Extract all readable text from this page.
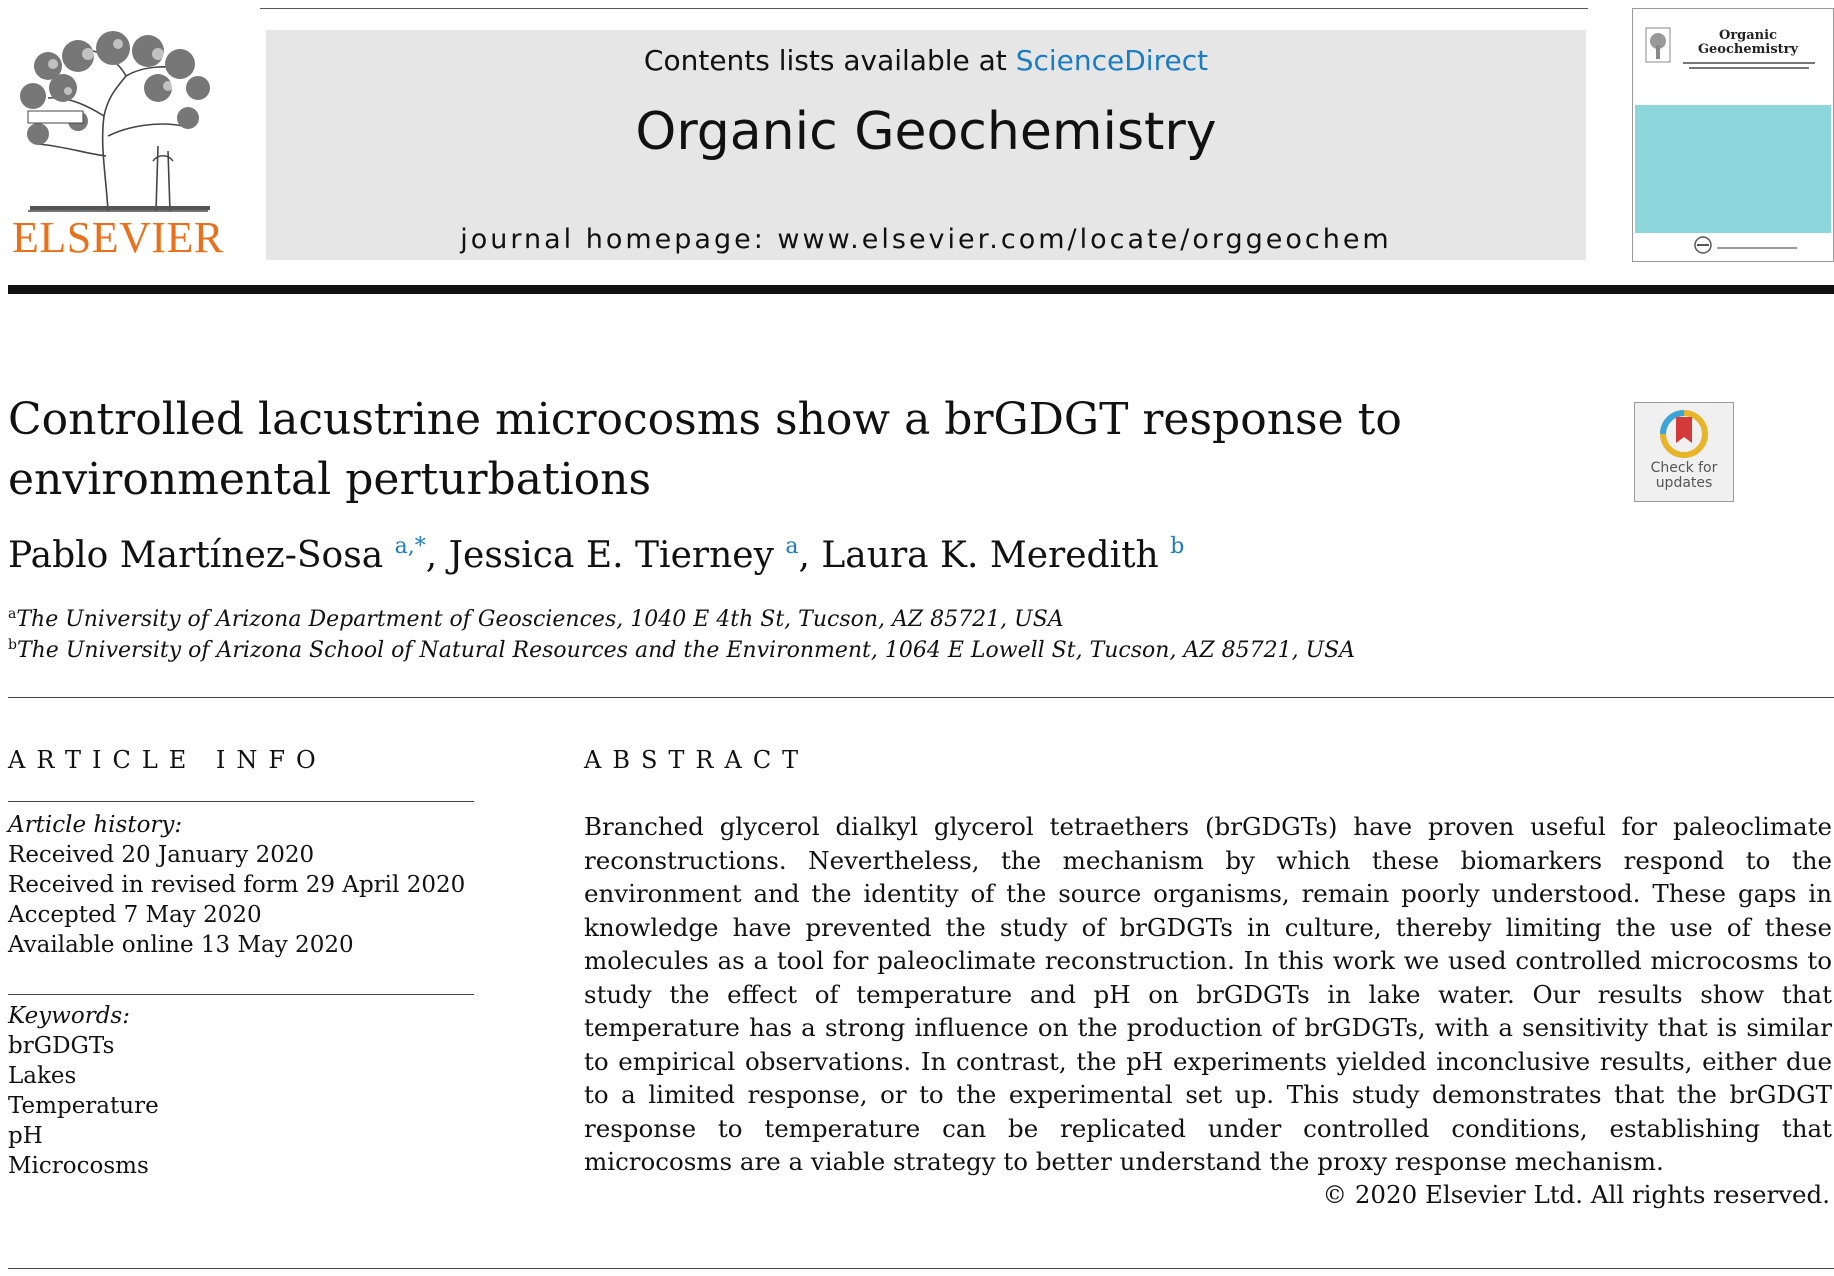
ELSEVIER
Contents lists available at ScienceDirect
Organic Geochemistry
journal homepage: www.elsevier.com/locate/orggeochem
Organic Geochemistry
Controlled lacustrine microcosms show a brGDGT response to environmental perturbations	Check for updates
Pablo Martínez-Sosa $^{a,*}$, Jessica E. Tierney $^a$, Laura K. Meredith $^b$
$^a$The University of Arizona Department of Geosciences, 1040 E 4th St, Tucson, AZ 85721, USA
$^b$The University of Arizona School of Natural Resources and the Environment, 1064 E Lowell St, Tucson, AZ 85721, USA
ARTICLE INFO
Article history:
Received 20 January 2020
Received in revised form 29 April 2020
Accepted 7 May 2020
Available online 13 May 2020
Keywords:
brGDGTs
Lakes
Temperature
pH
Microcosms
ABSTRACT
Branched glycerol dialkyl glycerol tetraethers (brGDGTs) have proven useful for paleoclimate reconstructions. Nevertheless, the mechanism by which these biomarkers respond to the environment and the identity of the source organisms, remain poorly understood. These gaps in knowledge have prevented the study of brGDGTs in culture, thereby limiting the use of these molecules as a tool for paleoclimate reconstruction. In this work we used controlled microcosms to study the effect of temperature and pH on brGDGTs in lake water. Our results show that temperature has a strong influence on the production of brGDGTs, with a sensitivity that is similar to empirical observations. In contrast, the pH experiments yielded inconclusive results, either due to a limited response, or to the experimental set up. This study demonstrates that the brGDGT response to temperature can be replicated under controlled conditions, establishing that microcosms are a viable strategy to better understand the proxy response mechanism.
© 2020 Elsevier Ltd. All rights reserved.
